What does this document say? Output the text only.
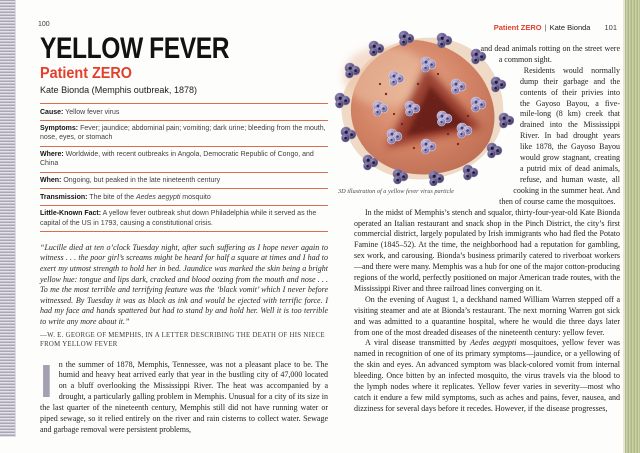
100
YELLOW FEVER
Patient ZERO
Kate Bionda (Memphis outbreak, 1878)
Cause: Yellow fever virus
Symptoms: Fever; jaundice; abdominal pain; vomiting; dark urine; bleeding from the mouth, nose, eyes, or stomach
Where: Worldwide, with recent outbreaks in Angola, Democratic Republic of Congo, and China
When: Ongoing, but peaked in the late nineteenth century
Transmission: The bite of the Aedes aegypti mosquito
Little-Known Fact: A yellow fever outbreak shut down Philadelphia while it served as the capital of the US in 1793, causing a constitutional crisis.
“Lucille died at ten o’clock Tuesday night, after such suffering as I hope never again to witness . . . the poor girl’s screams might be heard for half a square at times and I had to exert my utmost strength to hold her in bed. Jaundice was marked the skin being a bright yellow hue: tongue and lips dark, cracked and blood oozing from the mouth and nose . . . To me the most terrible and terrifying feature was the ‘black vomit’ which I never before witnessed. By Tuesday it was as black as ink and would be ejected with terrific force. I had my face and hands spattered but had to stand by and hold her. Well it is too terrible to write any more about it.”
—W. E. GEORGE OF MEMPHIS, IN A LETTER DESCRIBING THE DEATH OF HIS NIECE FROM YELLOW FEVER
In the summer of 1878, Memphis, Tennessee, was not a pleasant place to be. The humid and heavy heat arrived early that year in the bustling city of 47,000 located on a bluff overlooking the Mississippi River. The heat was accompanied by a drought, a particularly galling problem in Memphis. Unusual for a city of its size in the last quarter of the nineteenth century, Memphis still did not have running water or piped sewage, so it relied entirely on the river and rain cisterns to collect water. Sewage and garbage removal were persistent problems,
Patient ZERO | Kate Bionda 101
3D illustration of a yellow fever virus particle

and dead animals rotting on the street were a common sight.

Residents would normally dump their garbage and the contents of their privies into the Gayoso Bayou, a five-mile-long (8 km) creek that drained into the Mississippi River. In bad drought years like 1878, the Gayoso Bayou would grow stagnant, creating a putrid mix of dead animals, refuse, and human waste, all cooking in the summer heat. And then of course came the mosquitoes.

In the midst of Memphis’s stench and squalor, thirty-four-year-old Kate Bionda operated an Italian restaurant and snack shop in the Pinch District, the city’s first commercial district, largely populated by Irish immigrants who had fled the Potato Famine (1845–52). At the time, the neighborhood had a reputation for gambling, sex work, and carousing. Bionda’s business primarily catered to riverboat workers—and there were many. Memphis was a hub for one of the major cotton-producing regions of the world, perfectly positioned on major American trade routes, with the Mississippi River and three railroad lines converging on it.

On the evening of August 1, a deckhand named William Warren stepped off a visiting steamer and ate at Bionda’s restaurant. The next morning Warren got sick and was admitted to a quarantine hospital, where he would die three days later from one of the most dreaded diseases of the nineteenth century: yellow fever.

A viral disease transmitted by Aedes aegypti mosquitoes, yellow fever was named in recognition of one of its primary symptoms—jaundice, or a yellowing of the skin and eyes. An advanced symptom was black-colored vomit from internal bleeding. Once bitten by an infected mosquito, the virus travels via the blood to the lymph nodes where it replicates. Yellow fever varies in severity—most who catch it endure a few mild symptoms, such as aches and pains, fever, nausea, and dizziness for several days before it recedes. However, if the disease progresses,
